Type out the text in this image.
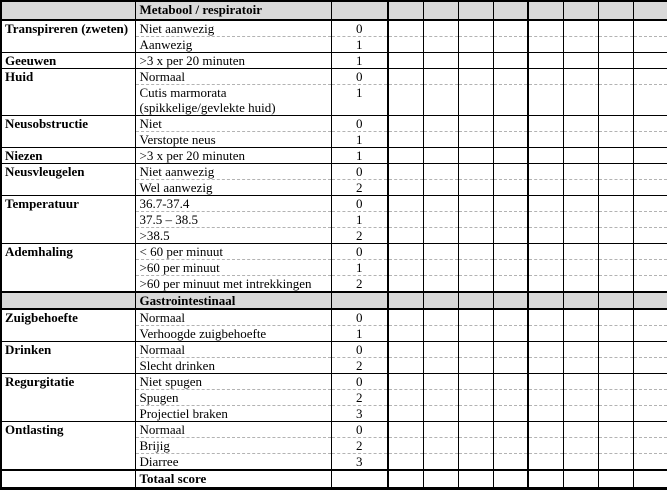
	Metabool / respiratoir									
Transpireren (zweten)	Niet aanwezig	0								
	Aanwezig	1								
Geeuwen	>3 x per 20 minuten	1								
Huid	Normaal	0								
	Cutis marmorata (spikkelige/gevlekte huid)	1								
Neusobstructie	Niet	0								
	Verstopte neus	1								
Niezen	>3 x per 20 minuten	1								
Neusvleugelen	Niet aanwezig	0								
	Wel aanwezig	2								
Temperatuur	36.7-37.4	0								
	37.5 – 38.5	1								
	>38.5	2								
Ademhaling	< 60 per minuut	0								
	>60 per minuut	1								
	>60 per minuut met intrekkingen	2								
	Gastrointestinaal									
Zuigbehoefte	Normaal	0								
	Verhoogde zuigbehoefte	1								
Drinken	Normaal	0								
	Slecht drinken	2								
Regurgitatie	Niet spugen	0								
	Spugen	2								
	Projectiel braken	3								
Ontlasting	Normaal	0								
	Brijig	2								
	Diarree	3								
	Totaal score									
